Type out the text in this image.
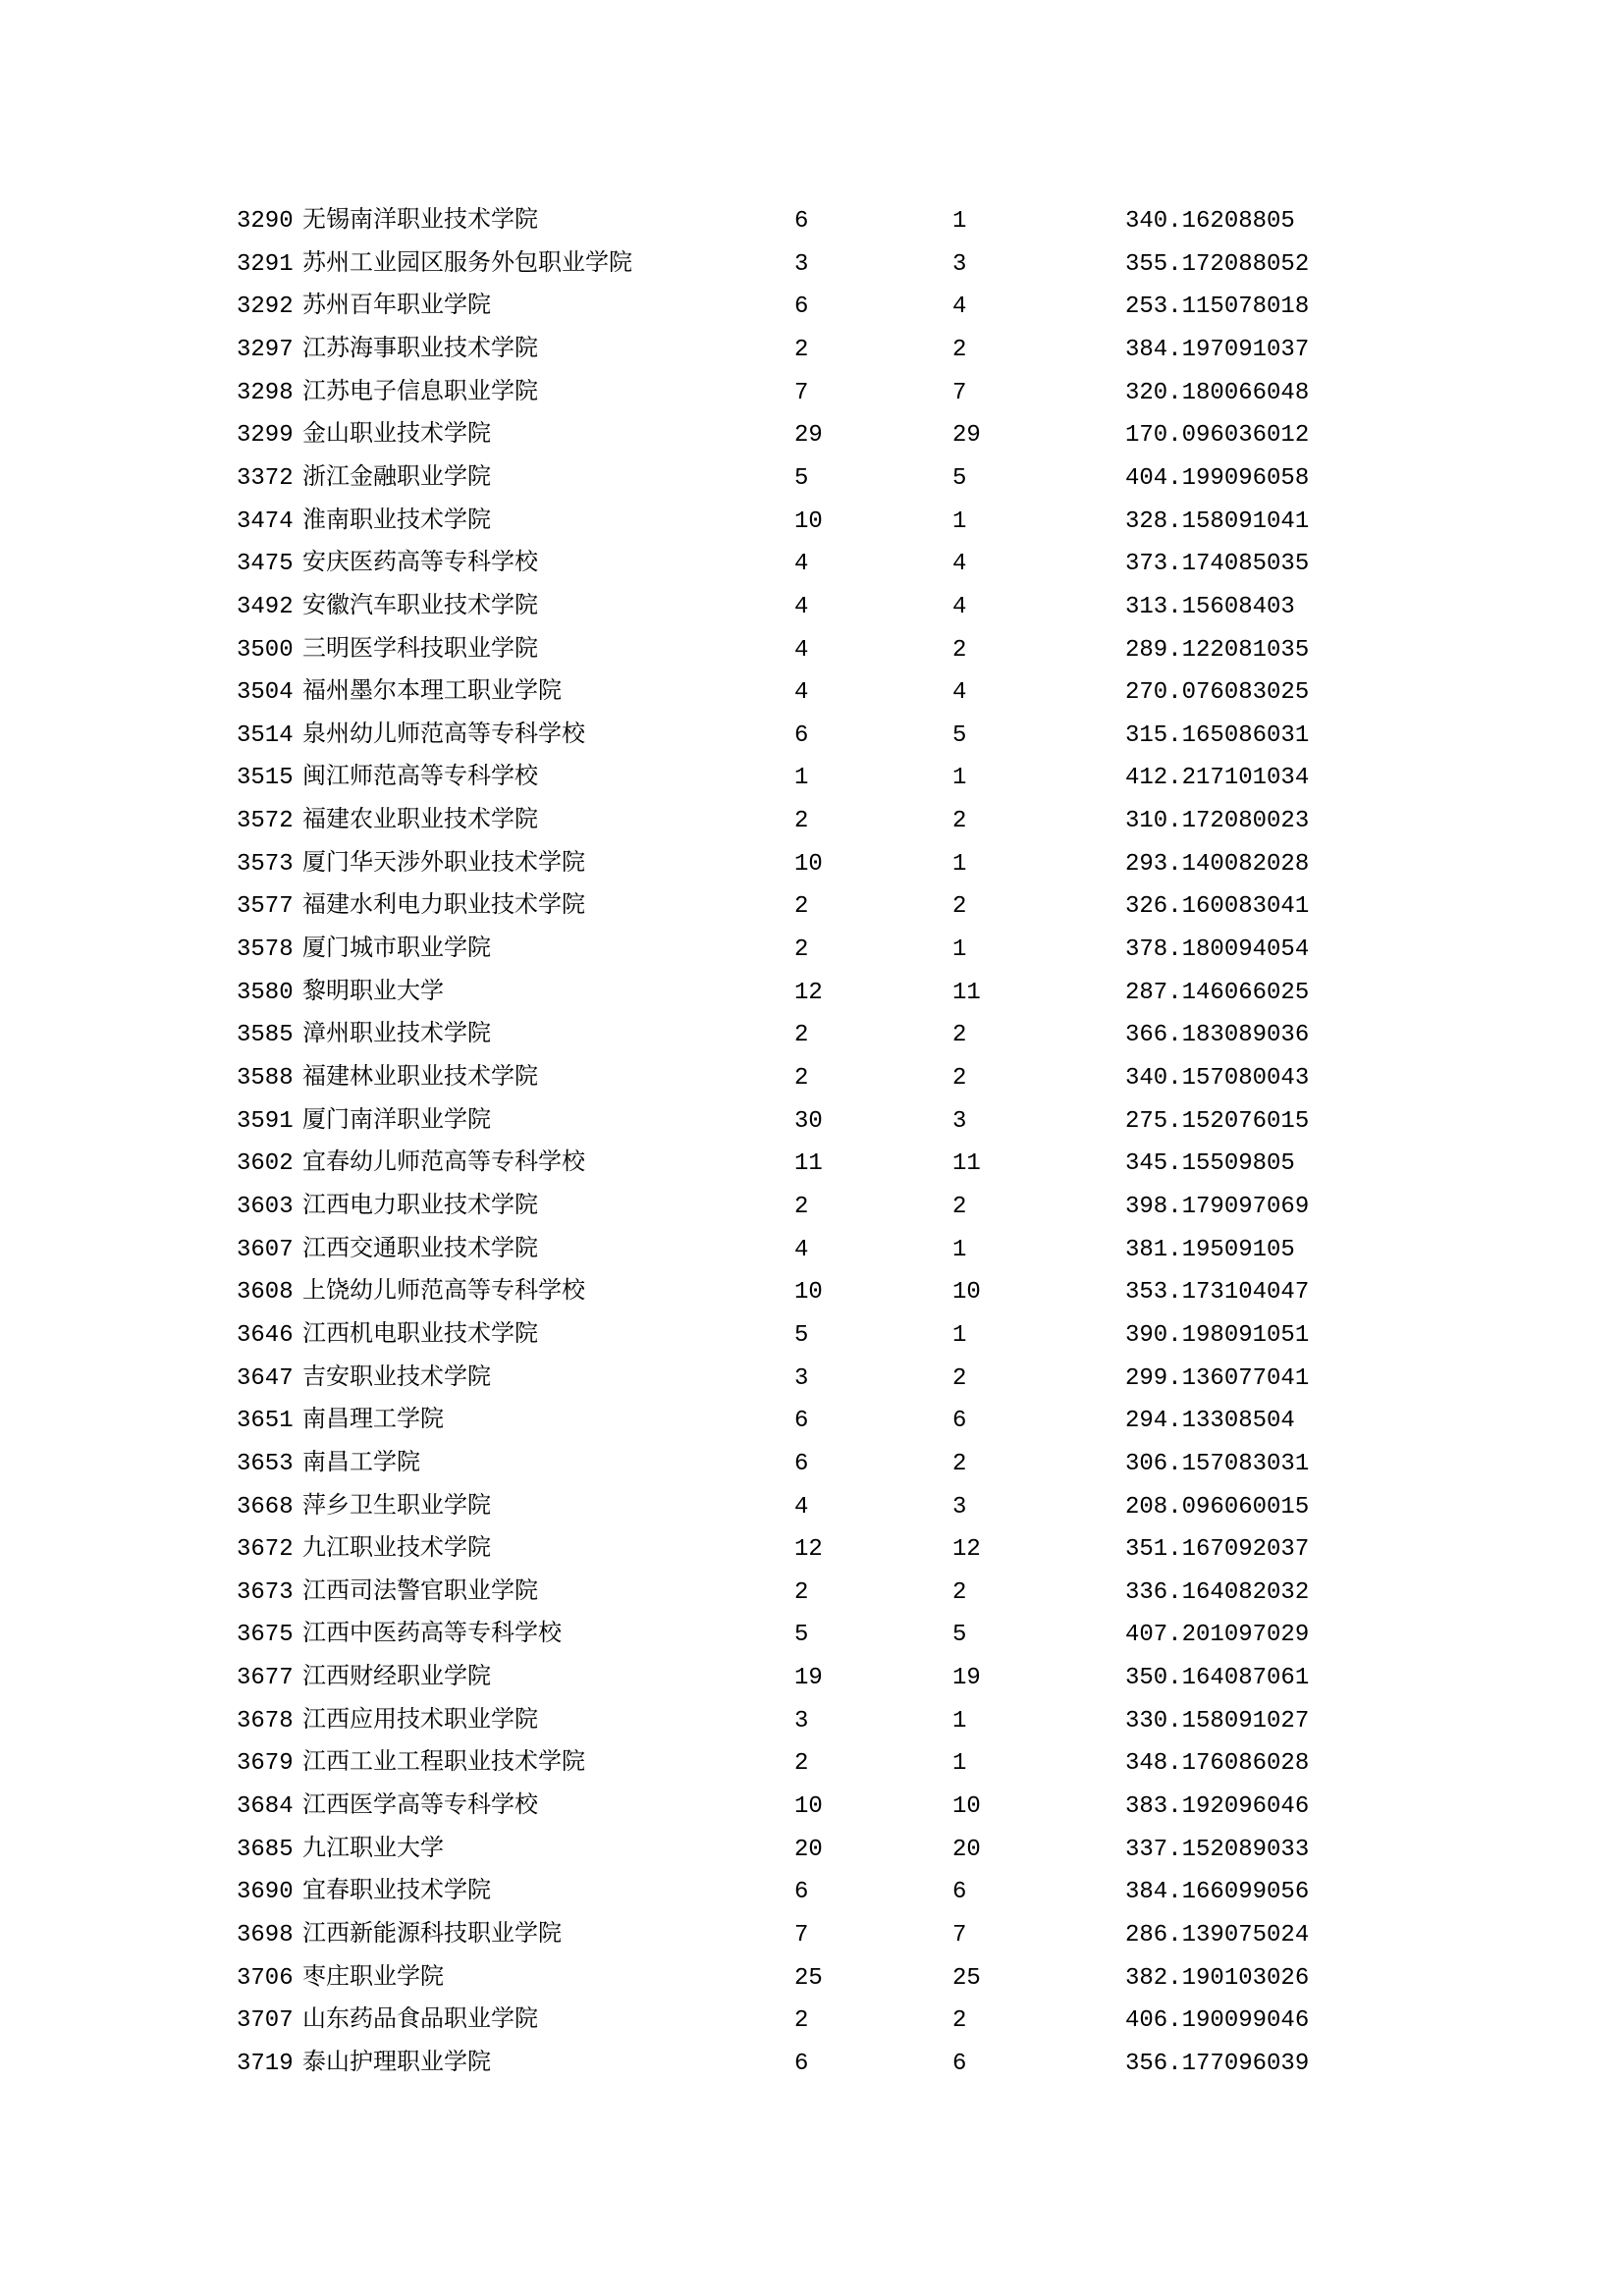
3290 无锡南洋职业技术学院	6	1	340.16208805
3291 苏州工业园区服务外包职业学院	3	3	355.172088052
3292 苏州百年职业学院	6	4	253.115078018
3297 江苏海事职业技术学院	2	2	384.197091037
3298 江苏电子信息职业学院	7	7	320.180066048
3299 金山职业技术学院	29	29	170.096036012
3372 浙江金融职业学院	5	5	404.199096058
3474 淮南职业技术学院	10	1	328.158091041
3475 安庆医药高等专科学校	4	4	373.174085035
3492 安徽汽车职业技术学院	4	4	313.15608403
3500 三明医学科技职业学院	4	2	289.122081035
3504 福州墨尔本理工职业学院	4	4	270.076083025
3514 泉州幼儿师范高等专科学校	6	5	315.165086031
3515 闽江师范高等专科学校	1	1	412.217101034
3572 福建农业职业技术学院	2	2	310.172080023
3573 厦门华天涉外职业技术学院	10	1	293.140082028
3577 福建水利电力职业技术学院	2	2	326.160083041
3578 厦门城市职业学院	2	1	378.180094054
3580 黎明职业大学	12	11	287.146066025
3585 漳州职业技术学院	2	2	366.183089036
3588 福建林业职业技术学院	2	2	340.157080043
3591 厦门南洋职业学院	30	3	275.152076015
3602 宜春幼儿师范高等专科学校	11	11	345.15509805
3603 江西电力职业技术学院	2	2	398.179097069
3607 江西交通职业技术学院	4	1	381.19509105
3608 上饶幼儿师范高等专科学校	10	10	353.173104047
3646 江西机电职业技术学院	5	1	390.198091051
3647 吉安职业技术学院	3	2	299.136077041
3651 南昌理工学院	6	6	294.13308504
3653 南昌工学院	6	2	306.157083031
3668 萍乡卫生职业学院	4	3	208.096060015
3672 九江职业技术学院	12	12	351.167092037
3673 江西司法警官职业学院	2	2	336.164082032
3675 江西中医药高等专科学校	5	5	407.201097029
3677 江西财经职业学院	19	19	350.164087061
3678 江西应用技术职业学院	3	1	330.158091027
3679 江西工业工程职业技术学院	2	1	348.176086028
3684 江西医学高等专科学校	10	10	383.192096046
3685 九江职业大学	20	20	337.152089033
3690 宜春职业技术学院	6	6	384.166099056
3698 江西新能源科技职业学院	7	7	286.139075024
3706 枣庄职业学院	25	25	382.190103026
3707 山东药品食品职业学院	2	2	406.190099046
3719 泰山护理职业学院	6	6	356.177096039
